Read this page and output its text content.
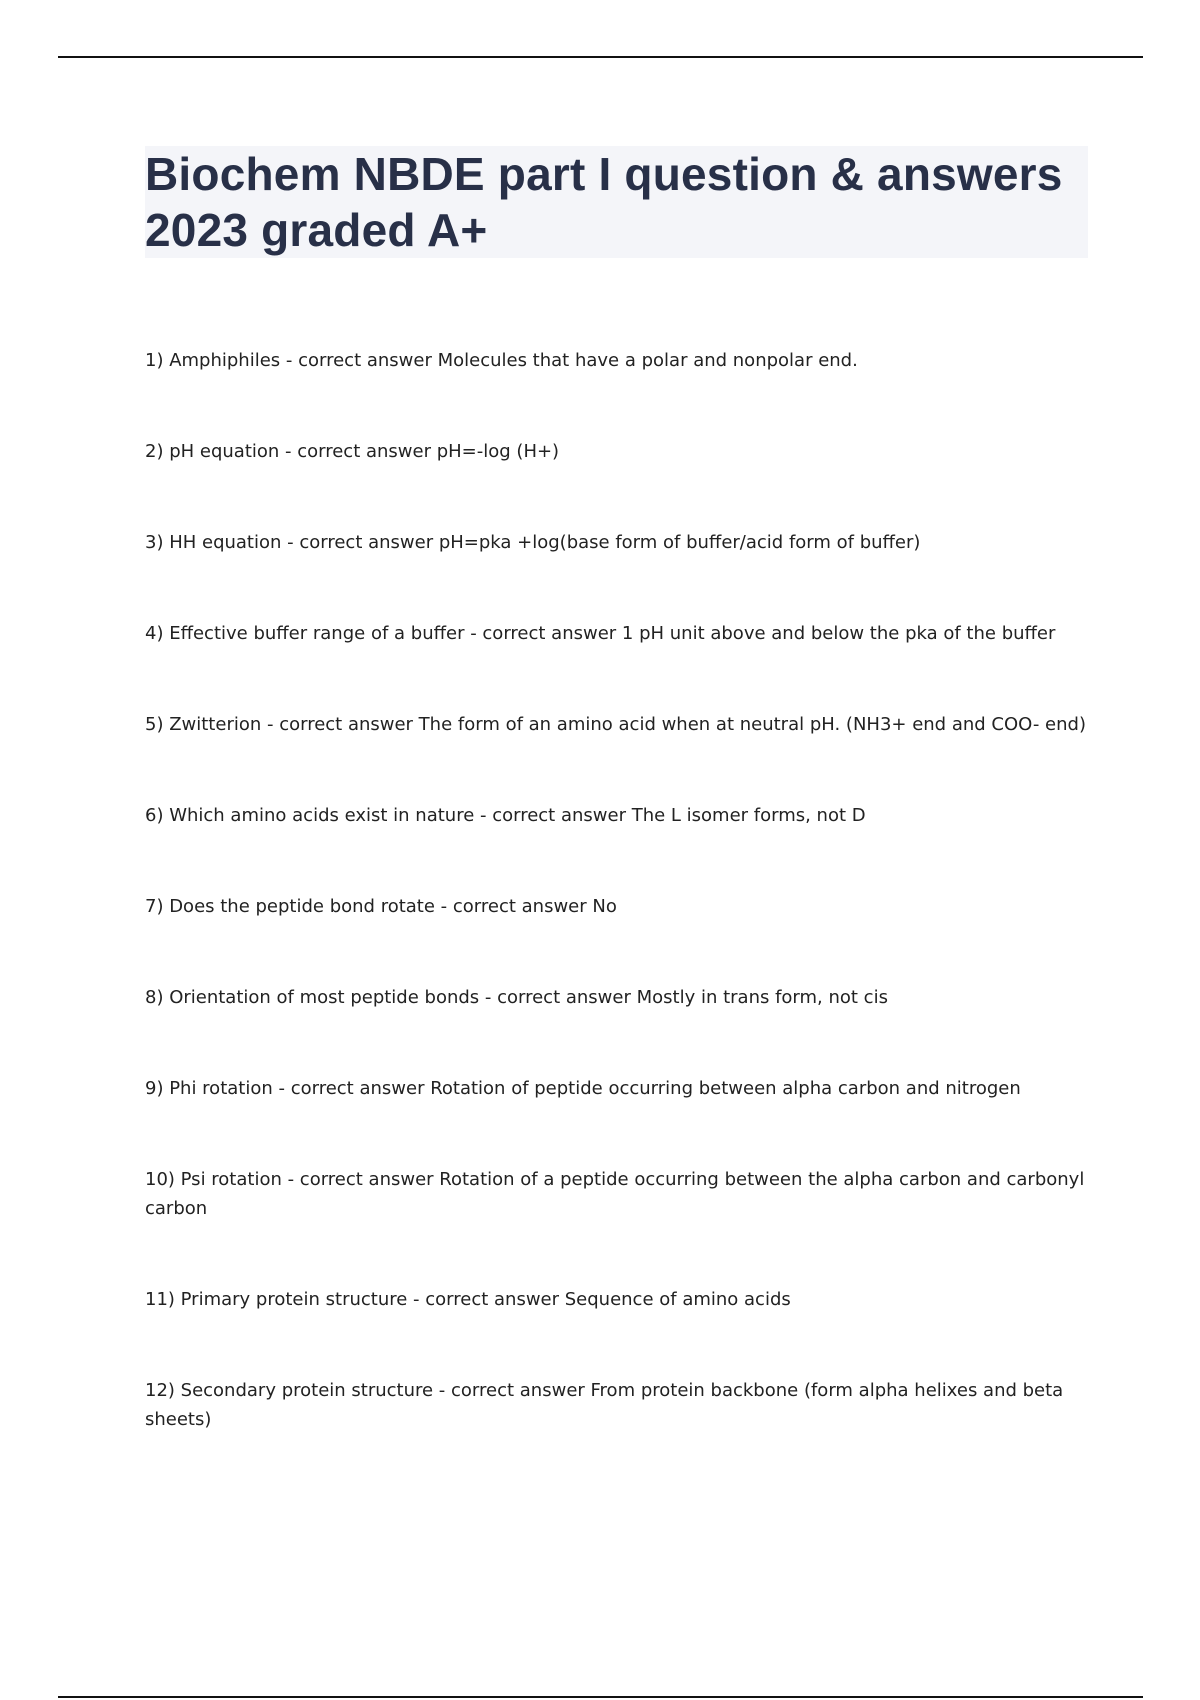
Biochem NBDE part I question & answers 2023 graded A+
1) Amphiphiles - correct answer Molecules that have a polar and nonpolar end.
2) pH equation - correct answer pH=-log (H+)
3) HH equation - correct answer pH=pka +log(base form of buffer/acid form of buffer)
4) Effective buffer range of a buffer - correct answer 1 pH unit above and below the pka of the buffer
5) Zwitterion - correct answer The form of an amino acid when at neutral pH. (NH3+ end and COO- end)
6) Which amino acids exist in nature - correct answer The L isomer forms, not D
7) Does the peptide bond rotate - correct answer No
8) Orientation of most peptide bonds - correct answer Mostly in trans form, not cis
9) Phi rotation - correct answer Rotation of peptide occurring between alpha carbon and nitrogen
10) Psi rotation - correct answer Rotation of a peptide occurring between the alpha carbon and carbonyl carbon
11) Primary protein structure - correct answer Sequence of amino acids
12) Secondary protein structure - correct answer From protein backbone (form alpha helixes and beta sheets)
